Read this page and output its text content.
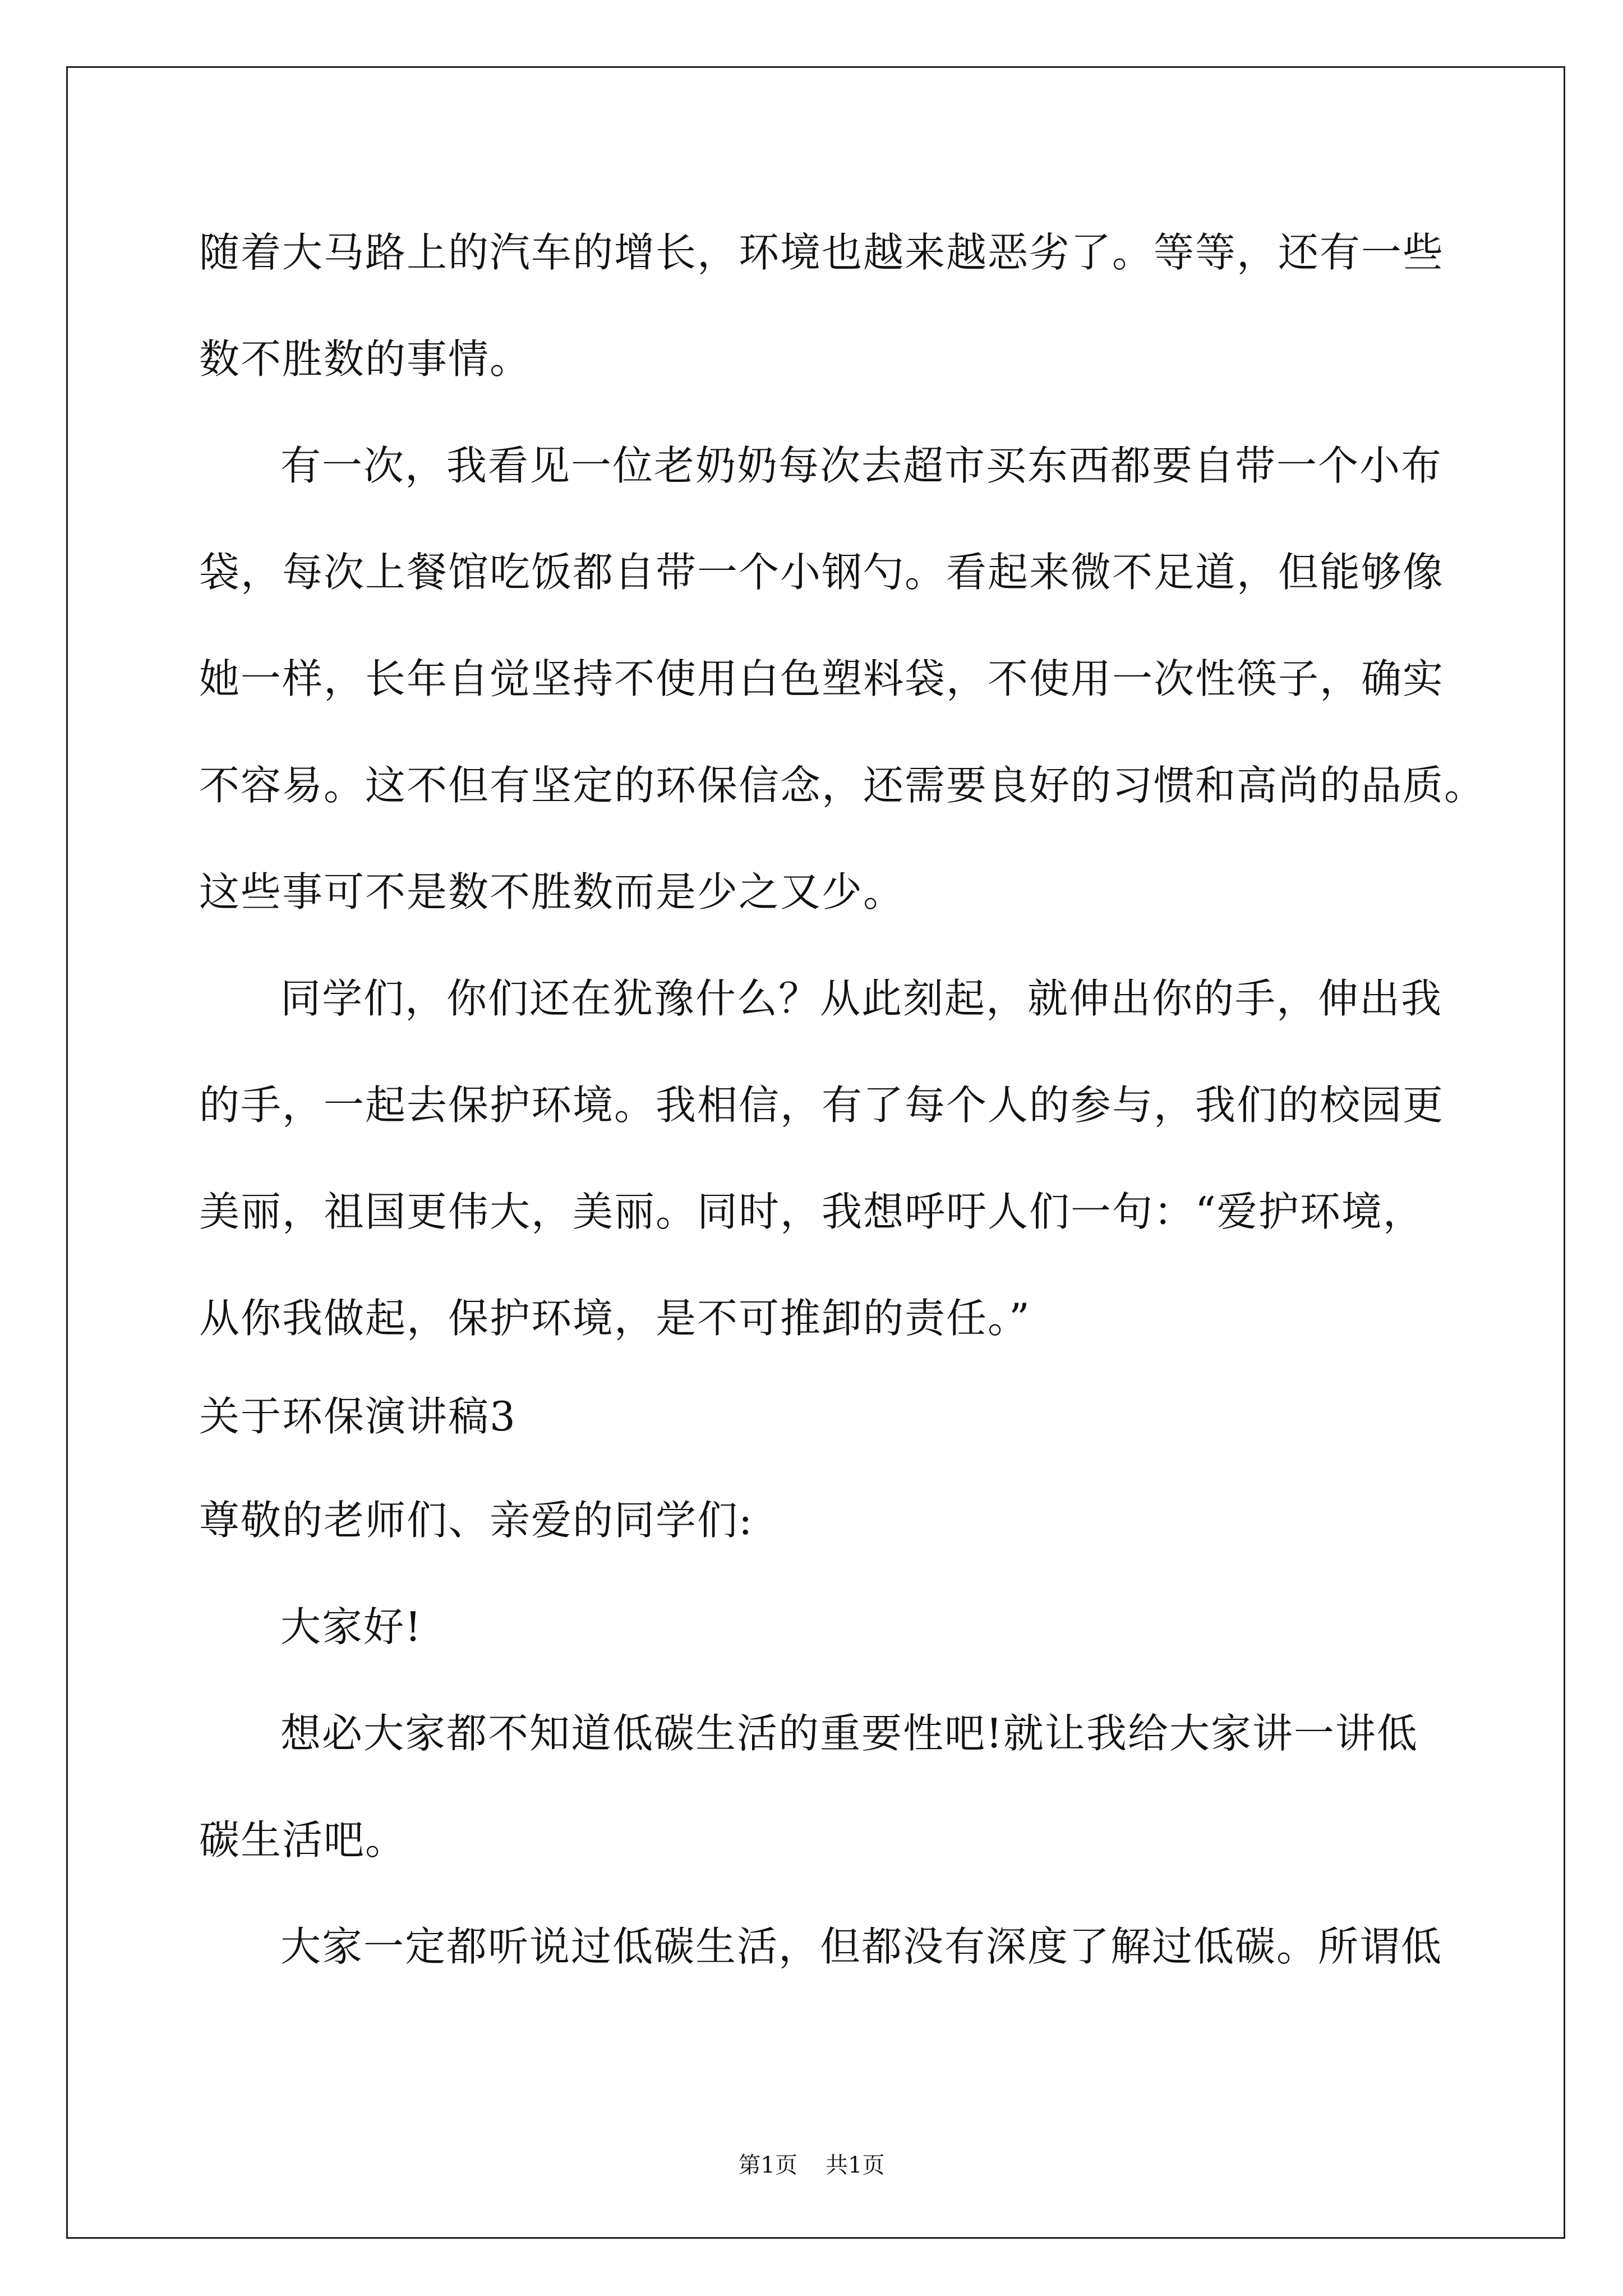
随着大马路上的汽车的增长，环境也越来越恶劣了。等等，还有一些
数不胜数的事情。
有一次，我看见一位老奶奶每次去超市买东西都要自带一个小布
袋，每次上餐馆吃饭都自带一个小钢勺。看起来微不足道，但能够像
她一样，长年自觉坚持不使用白色塑料袋，不使用一次性筷子，确实
不容易。这不但有坚定的环保信念，还需要良好的习惯和高尚的品质。
这些事可不是数不胜数而是少之又少。
同学们，你们还在犹豫什么？从此刻起，就伸出你的手，伸出我
的手，一起去保护环境。我相信，有了每个人的参与，我们的校园更
美丽，祖国更伟大，美丽。同时，我想呼吁人们一句：“爱护环境，
从你我做起，保护环境，是不可推卸的责任。”
关于环保演讲稿3
尊敬的老师们、亲爱的同学们:
大家好!
想必大家都不知道低碳生活的重要性吧!就让我给大家讲一讲低
碳生活吧。
大家一定都听说过低碳生活，但都没有深度了解过低碳。所谓低
第1页 共1页
